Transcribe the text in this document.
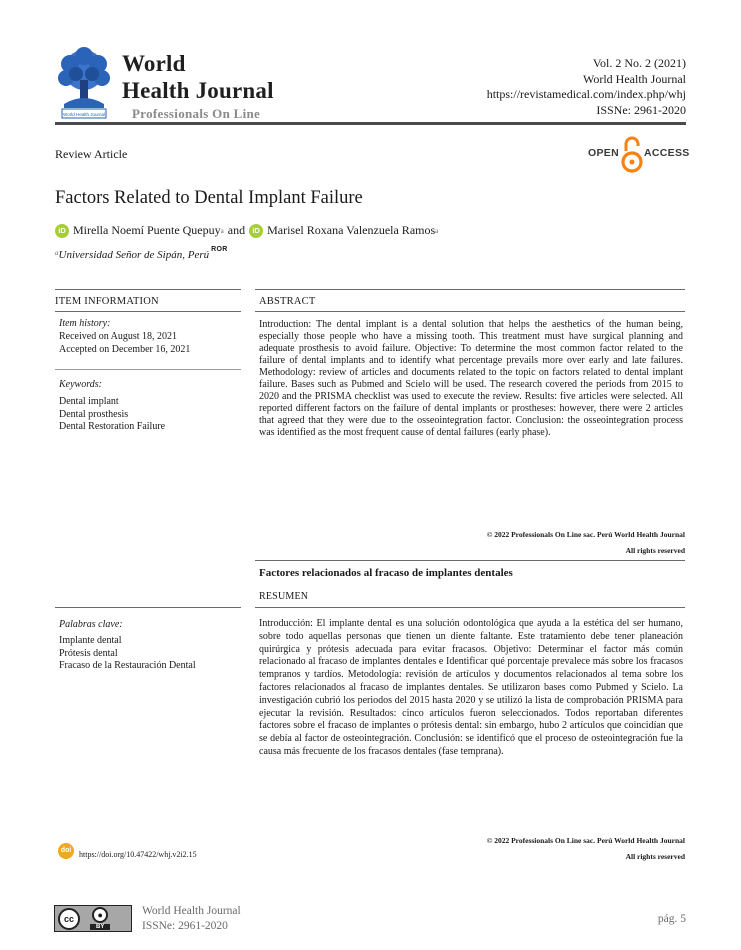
World Health Journal
World
Health Journal
Professionals On Line
Vol. 2 No. 2 (2021)
World Health Journal
https://revistamedical.com/index.php/whj
ISSNe: 2961-2020
Review Article	OPEN ACCESS
Factors Related to Dental Implant Failure
iD Mirella Noemí Puente Quepuy a and iD Marisel Roxana Valenzuela Ramos a
a Universidad Señor de Sipán, Perú ROR
ITEM INFORMATION	ABSTRACT
Item history:
Received on August 18, 2021
Accepted on December 16, 2021
Keywords:
Dental implant
Dental prosthesis
Dental Restoration Failure
Introduction: The dental implant is a dental solution that helps the aesthetics of the human being, especially those people who have a missing tooth. This treatment must have surgical planning and adequate prosthesis to avoid failure. Objective: To determine the most common factor related to the failure of dental implants and to identify what percentage prevails more over early and late failures. Methodology: review of articles and documents related to the topic on factors related to dental implant failure. Bases such as Pubmed and Scielo will be used. The research covered the periods from 2015 to 2020 and the PRISMA checklist was used to execute the review. Results: five articles were selected. All reported different factors on the failure of dental implants or prostheses: however, there were 2 articles that agreed that they were due to the osseointegration factor. Conclusion: the osseointegration process was identified as the most frequent cause of dental failures (early phase).
© 2022 Professionals On Line sac. Perú World Health Journal
All rights reserved
Factores relacionados al fracaso de implantes dentales
RESUMEN
Palabras clave:
Implante dental
Prótesis dental
Fracaso de la Restauración Dental
Introducción: El implante dental es una solución odontológica que ayuda a la estética del ser humano, sobre todo aquellas personas que tienen un diente faltante. Este tratamiento debe tener planeación quirúrgica y prótesis adecuada para evitar fracasos. Objetivo: Determinar el factor más común relacionado al fracaso de implantes dentales e Identificar qué porcentaje prevalece más sobre los fracasos tempranos y tardíos. Metodología: revisión de artículos y documentos relacionados al tema sobre los factores relacionados al fracaso de implantes dentales. Se utilizaron bases como Pubmed y Scielo. La investigación cubrió los periodos del 2015 hasta 2020 y se utilizó la lista de comprobación PRISMA para ejecutar la revisión. Resultados: cinco artículos fueron seleccionados. Todos reportaban diferentes factores sobre el fracaso de implantes o prótesis dental: sin embargo, hubo 2 artículos que coincidían que se debía al factor de osteointegración. Conclusión: se identificó que el proceso de osteointegración fue la causa más frecuente de los fracasos dentales (fase temprana).
© 2022 Professionals On Line sac. Perú World Health Journal
All rights reserved
doi https://doi.org/10.47422/whj.v2i2.15
cc	●
BY
World Health Journal
ISSNe: 2961-2020
pág. 5
